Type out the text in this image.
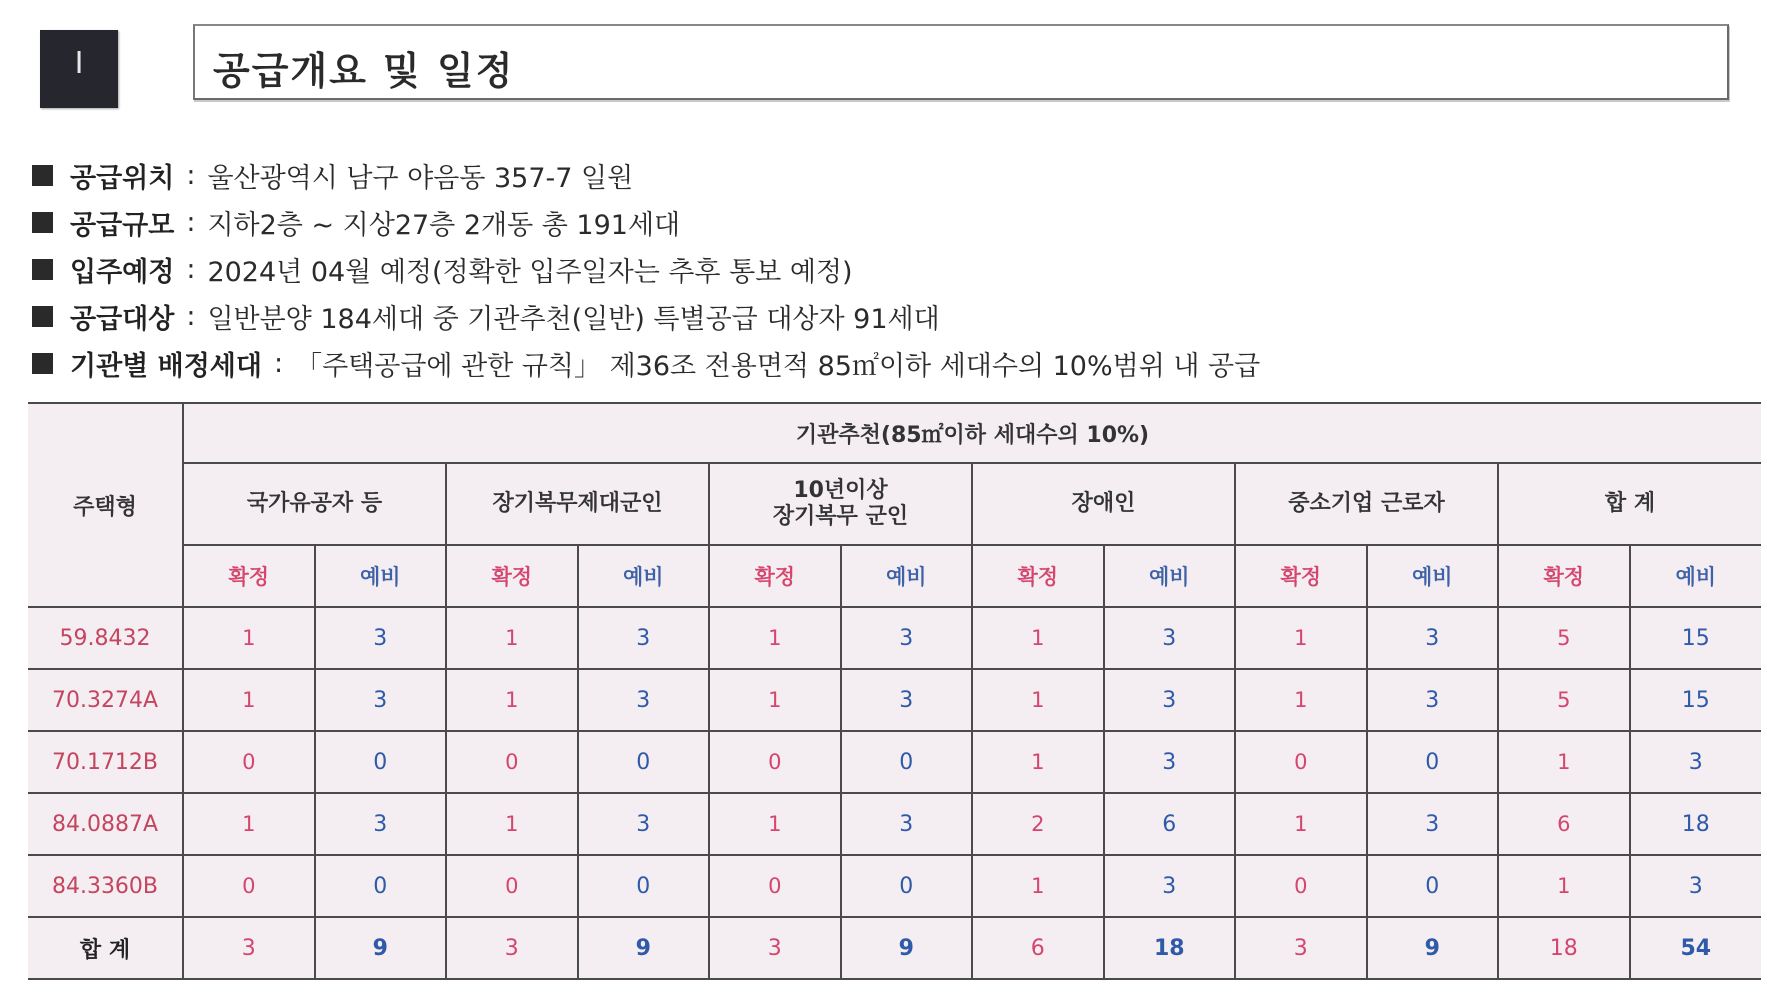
Ⅰ	공급개요 및 일정
공급위치 : 울산광역시 남구 야음동 357-7 일원
공급규모 : 지하2층 ~ 지상27층 2개동 총 191세대
입주예정 : 2024년 04월 예정(정확한 입주일자는 추후 통보 예정)
공급대상 : 일반분양 184세대 중 기관추천(일반) 특별공급 대상자 91세대
기관별 배정세대 : 「주택공급에 관한 규칙」 제36조 전용면적 85㎡이하 세대수의 10%범위 내 공급
주택형	기관추천(85㎡이하 세대수의 10%)											
	국가유공자 등		장기복무제대군인		10년이상
장기복무 군인		장애인		중소기업 근로자		합 계	
	확정	예비	확정	예비	확정	예비	확정	예비	확정	예비	확정	예비
59.8432	1	3	1	3	1	3	1	3	1	3	5	15
70.3274A	1	3	1	3	1	3	1	3	1	3	5	15
70.1712B	0	0	0	0	0	0	1	3	0	0	1	3
84.0887A	1	3	1	3	1	3	2	6	1	3	6	18
84.3360B	0	0	0	0	0	0	1	3	0	0	1	3
합 계	3	9	3	9	3	9	6	18	3	9	18	54
